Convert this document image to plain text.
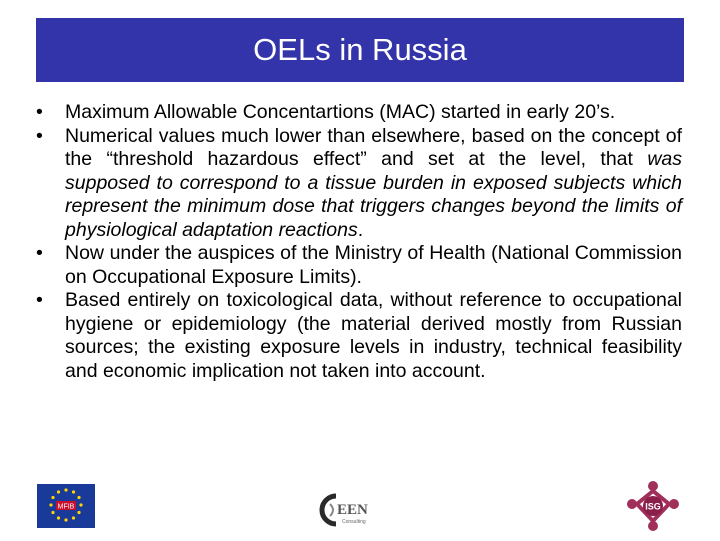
OELs in Russia
• Maximum Allowable Concentartions (MAC) started in early 20’s.
• Numerical values much lower than elsewhere, based on the concept of the “threshold hazardous effect” and set at the level, that was supposed to correspond to a tissue burden in exposed subjects which represent the minimum dose that triggers changes beyond the limits of physiological adaptation reactions.
• Now under the auspices of the Ministry of Health (National Commission on Occupational Exposure Limits).
• Based entirely on toxicological data, without reference to occupational hygiene or epidemiology (the material derived mostly from Russian sources; the existing exposure levels in industry, technical feasibility and economic implication not taken into account.
MFIB	EEN
Consulting
ISG
